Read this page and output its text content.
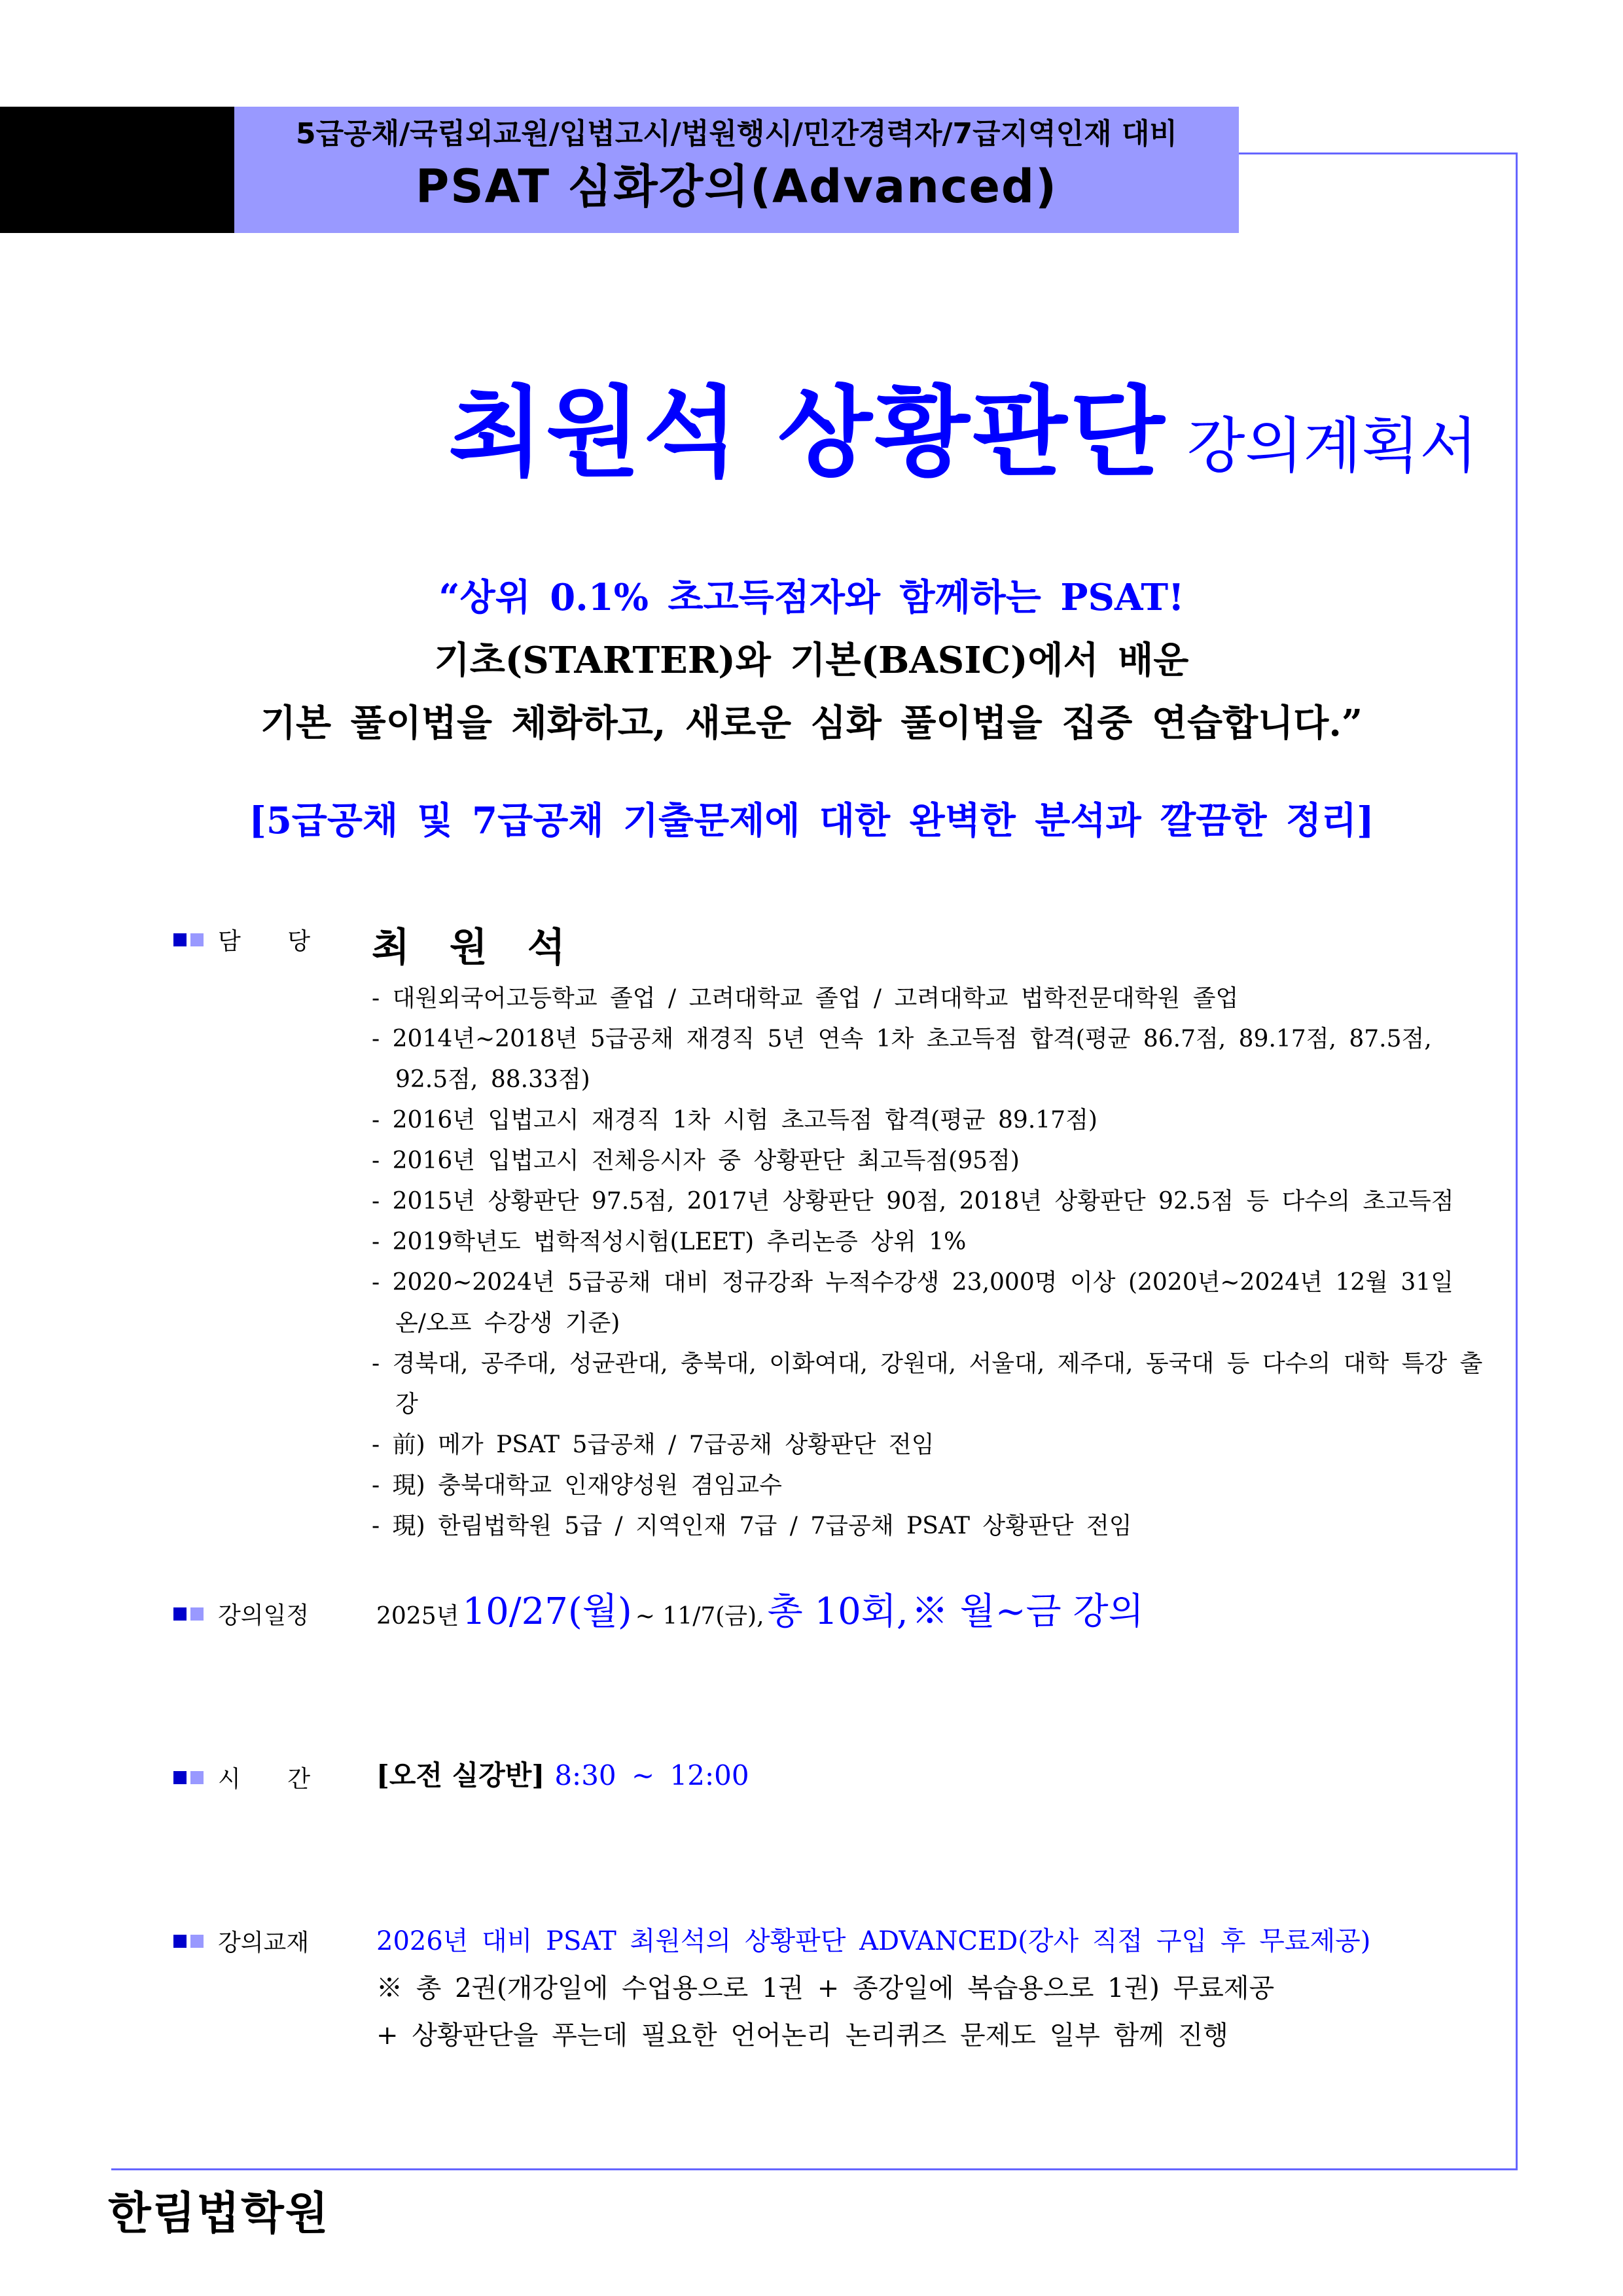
5급공채/국립외교원/입법고시/법원행시/민간경력자/7급지역인재 대비
PSAT 심화강의(Advanced)
최원석 상황판단 강의계획서
“상위 0.1% 초고득점자와 함께하는 PSAT!
기초(STARTER)와 기본(BASIC)에서 배운
기본 풀이법을 체화하고, 새로운 심화 풀이법을 집중 연습합니다.”
[5급공채 및 7급공채 기출문제에 대한 완벽한 분석과 깔끔한 정리]
담 당 최 원 석
- 대원외국어고등학교 졸업 / 고려대학교 졸업 / 고려대학교 법학전문대학원 졸업
- 2014년~2018년 5급공채 재경직 5년 연속 1차 초고득점 합격(평균 86.7점, 89.17점, 87.5점, 92.5점, 88.33점)
- 2016년 입법고시 재경직 1차 시험 초고득점 합격(평균 89.17점)
- 2016년 입법고시 전체응시자 중 상황판단 최고득점(95점)
- 2015년 상황판단 97.5점, 2017년 상황판단 90점, 2018년 상황판단 92.5점 등 다수의 초고득점
- 2019학년도 법학적성시험(LEET) 추리논증 상위 1%
- 2020~2024년 5급공채 대비 정규강좌 누적수강생 23,000명 이상 (2020년~2024년 12월 31일 온/오프 수강생 기준)
- 경북대, 공주대, 성균관대, 충북대, 이화여대, 강원대, 서울대, 제주대, 동국대 등 다수의 대학 특강 출강
- 前) 메가 PSAT 5급공채 / 7급공채 상황판단 전임
- 現) 충북대학교 인재양성원 겸임교수
- 現) 한림법학원 5급 / 지역인재 7급 / 7급공채 PSAT 상황판단 전임
강의일정	2025년 10/27(월) ~ 11/7(금), 총 10회, ※ 월~금 강의
시 간 [오전 실강반] 8:30 ~ 12:00
강의교재	2026년 대비 PSAT 최원석의 상황판단 ADVANCED(강사 직접 구입 후 무료제공)
※ 총 2권(개강일에 수업용으로 1권 + 종강일에 복습용으로 1권) 무료제공
+ 상황판단을 푸는데 필요한 언어논리 논리퀴즈 문제도 일부 함께 진행
한림법학원
